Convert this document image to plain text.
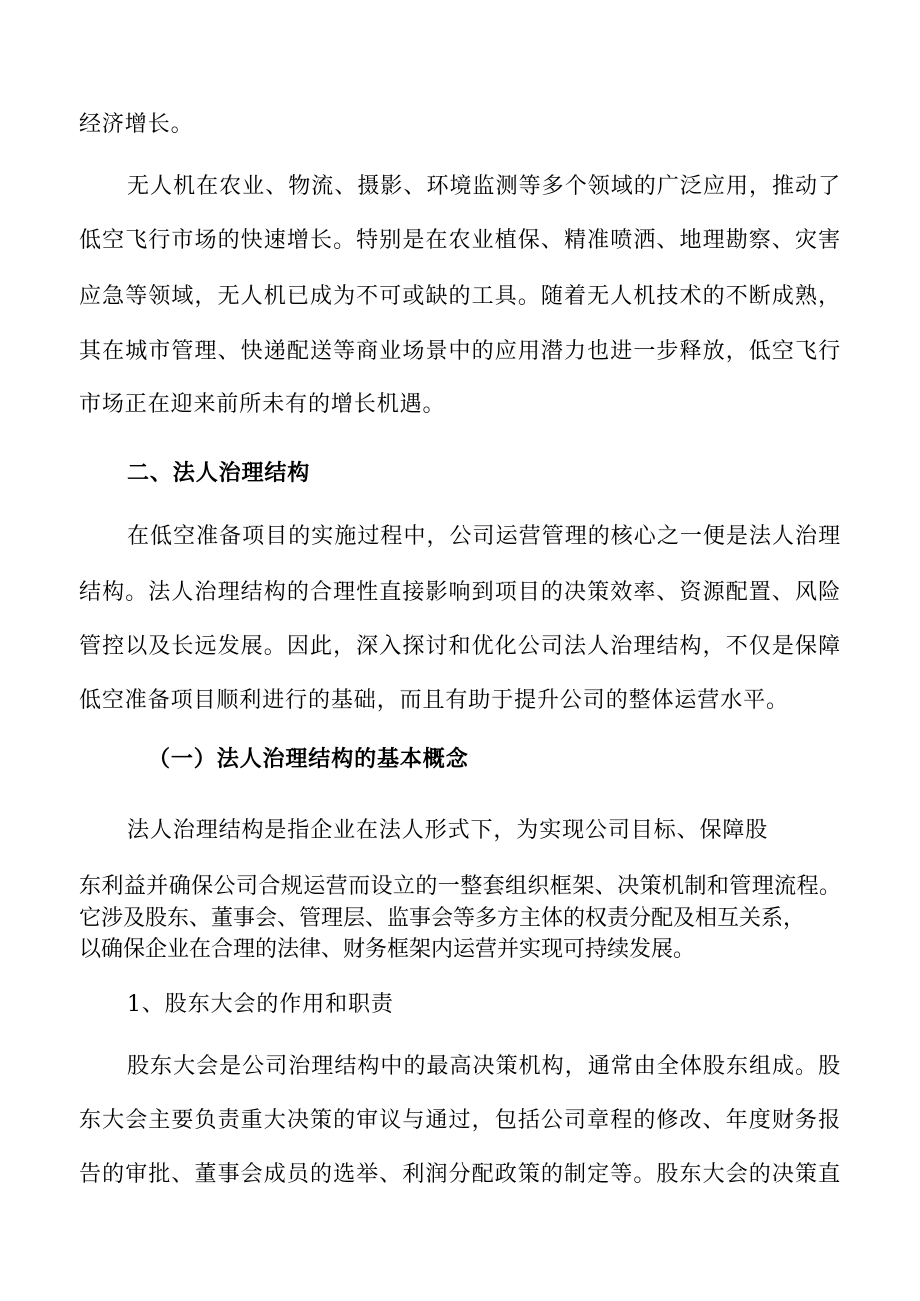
经济增长。

无人机在农业、物流、摄影、环境监测等多个领域的广泛应用，推动了

低空飞行市场的快速增长。特别是在农业植保、精准喷洒、地理勘察、灾害

应急等领域，无人机已成为不可或缺的工具。随着无人机技术的不断成熟，

其在城市管理、快递配送等商业场景中的应用潜力也进一步释放，低空飞行

市场正在迎来前所未有的增长机遇。

二、法人治理结构

在低空准备项目的实施过程中，公司运营管理的核心之一便是法人治理

结构。法人治理结构的合理性直接影响到项目的决策效率、资源配置、风险

管控以及长远发展。因此，深入探讨和优化公司法人治理结构，不仅是保障

低空准备项目顺利进行的基础，而且有助于提升公司的整体运营水平。

（一）法人治理结构的基本概念

法人治理结构是指企业在法人形式下，为实现公司目标、保障股

东利益并确保公司合规运营而设立的一整套组织框架、决策机制和管理流程。

它涉及股东、董事会、管理层、监事会等多方主体的权责分配及相互关系，

以确保企业在合理的法律、财务框架内运营并实现可持续发展。

1、股东大会的作用和职责

股东大会是公司治理结构中的最高决策机构，通常由全体股东组成。股

东大会主要负责重大决策的审议与通过，包括公司章程的修改、年度财务报

告的审批、董事会成员的选举、利润分配政策的制定等。股东大会的决策直
